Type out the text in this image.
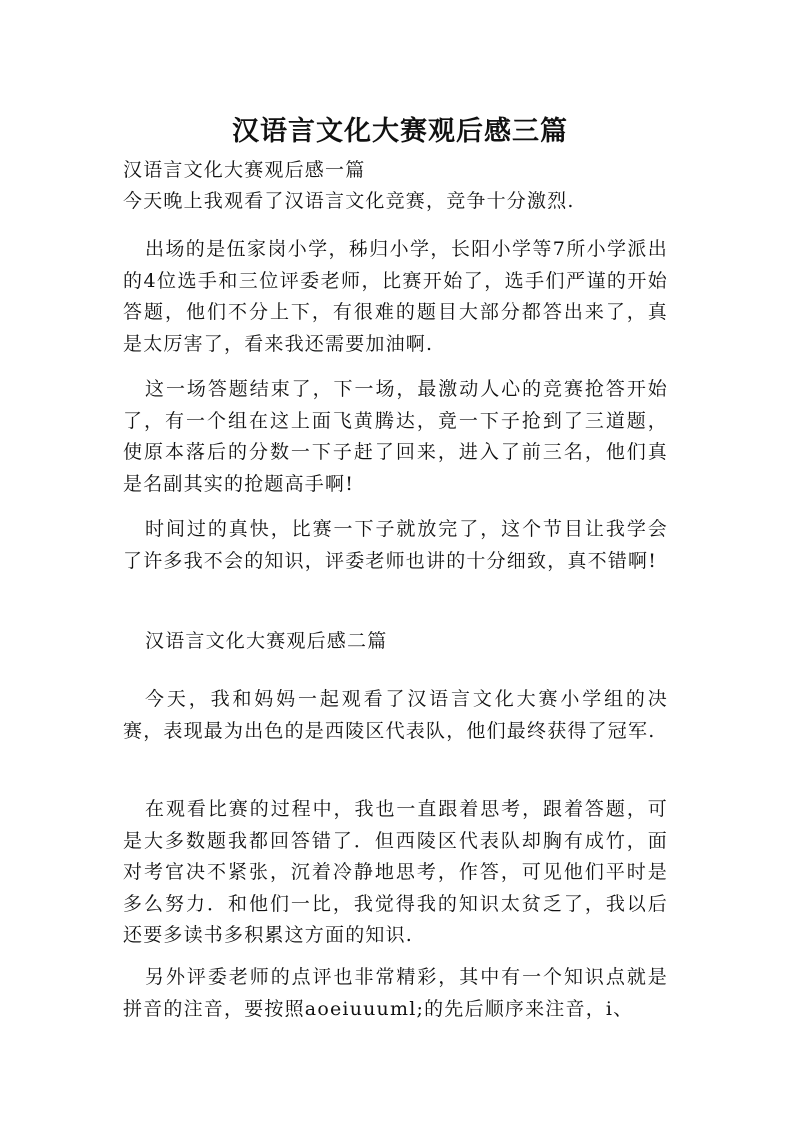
汉语言文化大赛观后感三篇
汉语言文化大赛观后感一篇
今天晚上我观看了汉语言文化竞赛，竞争十分激烈.
出场的是伍家岗小学，秭归小学，长阳小学等7所小学派出的4位选手和三位评委老师，比赛开始了，选手们严谨的开始答题，他们不分上下，有很难的题目大部分都答出来了，真是太厉害了，看来我还需要加油啊.
这一场答题结束了，下一场，最激动人心的竞赛抢答开始了，有一个组在这上面飞黄腾达，竟一下子抢到了三道题，使原本落后的分数一下子赶了回来，进入了前三名，他们真是名副其实的抢题高手啊!
时间过的真快，比赛一下子就放完了，这个节目让我学会了许多我不会的知识，评委老师也讲的十分细致，真不错啊!
汉语言文化大赛观后感二篇
今天，我和妈妈一起观看了汉语言文化大赛小学组的决赛，表现最为出色的是西陵区代表队，他们最终获得了冠军.
在观看比赛的过程中，我也一直跟着思考，跟着答题，可是大多数题我都回答错了．但西陵区代表队却胸有成竹，面对考官决不紧张，沉着冷静地思考，作答，可见他们平时是多么努力．和他们一比，我觉得我的知识太贫乏了，我以后还要多读书多积累这方面的知识.
另外评委老师的点评也非常精彩，其中有一个知识点就是拼音的注音，要按照aoeiuuuml;的先后顺序来注音，i、
